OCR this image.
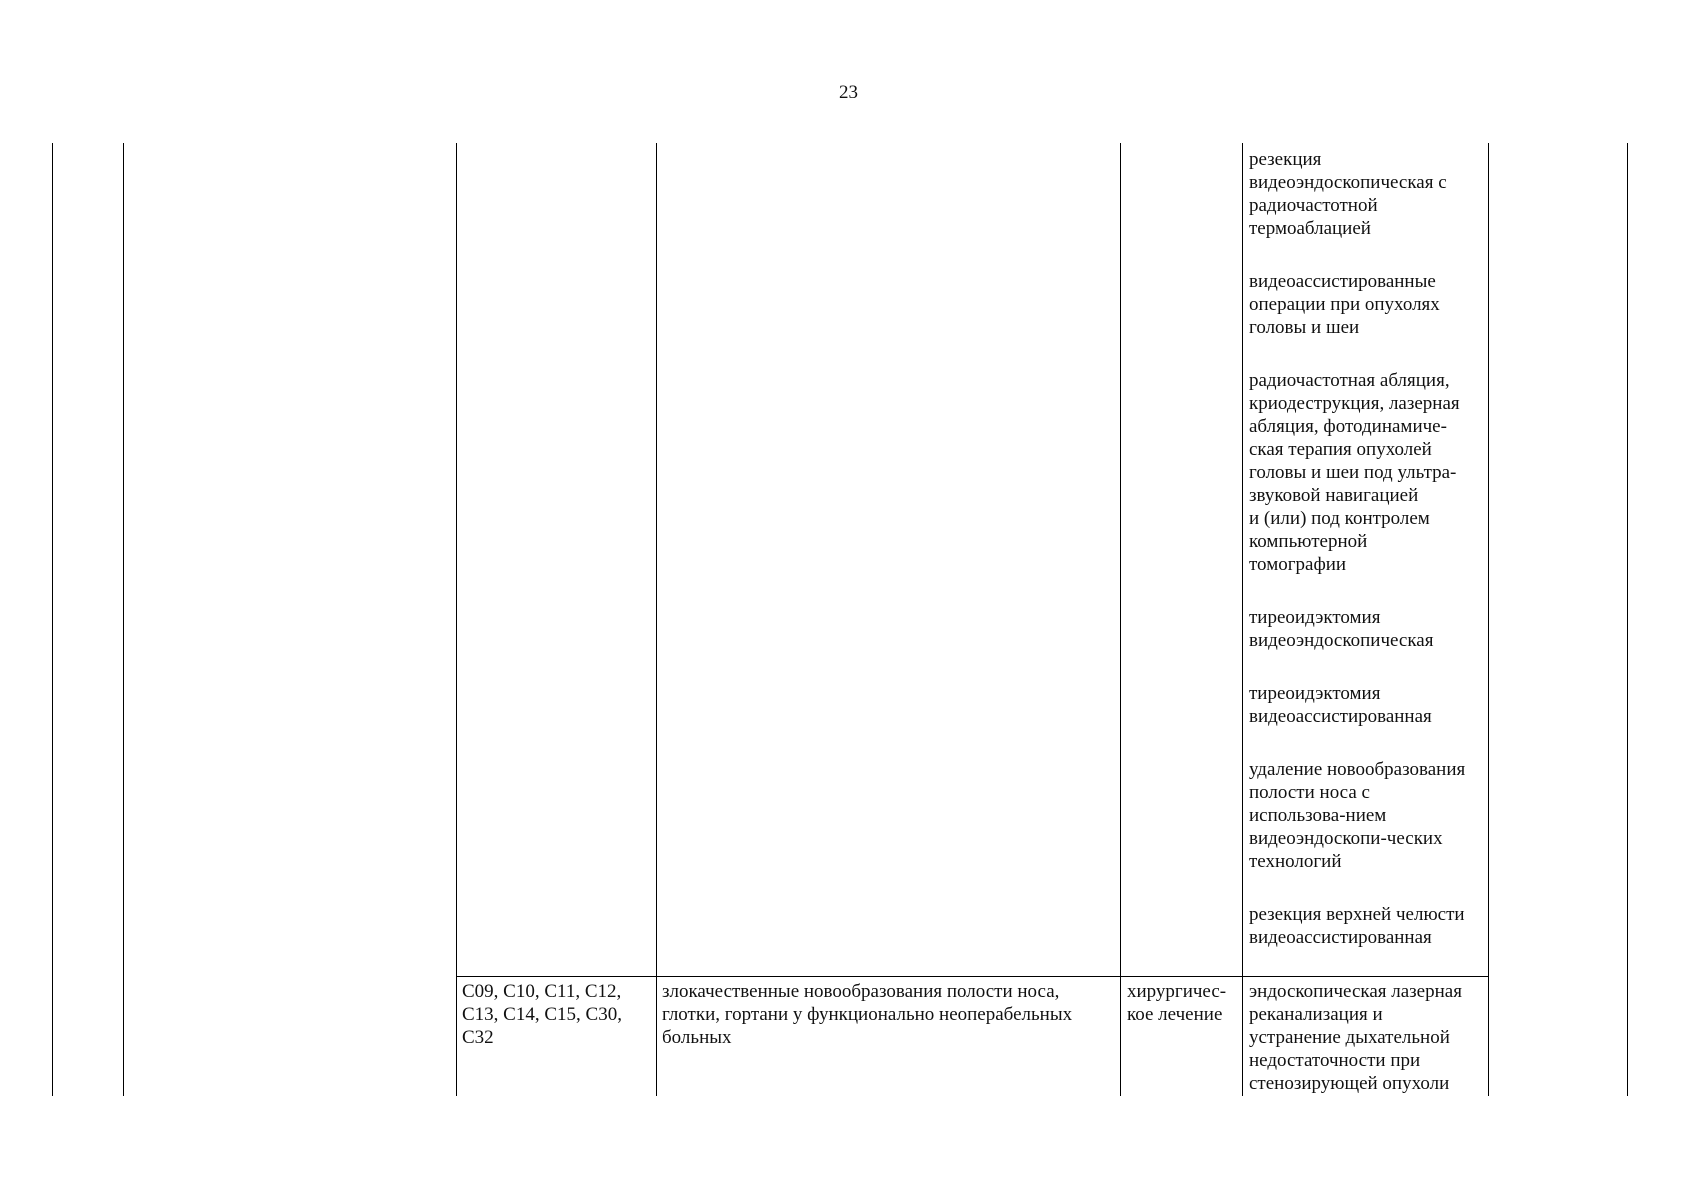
23

резекция

видеоэндоскопическая с

радиочастотной

термоаблацией

видеоассистированные

операции при опухолях

головы и шеи

радиочастотная абляция,

криодеструкция, лазерная

абляция, фотодинамиче-

ская терапия опухолей

головы и шеи под ультра-

звуковой навигацией

и (или) под контролем

компьютерной

томографии

тиреоидэктомия

видеоэндоскопическая

тиреоидэктомия

видеоассистированная

удаление новообразования

полости носа с

использова-нием

видеоэндоскопи-ческих

технологий

резекция верхней челюсти

видеоассистированная

C09, C10, C11, C12,

C13, C14, C15, C30,

C32

злокачественные новообразования полости носа,

глотки, гортани у функционально неоперабельных

больных

хирургичес-

кое лечение

эндоскопическая лазерная

реканализация и

устранение дыхательной

недостаточности при

стенозирующей опухоли
